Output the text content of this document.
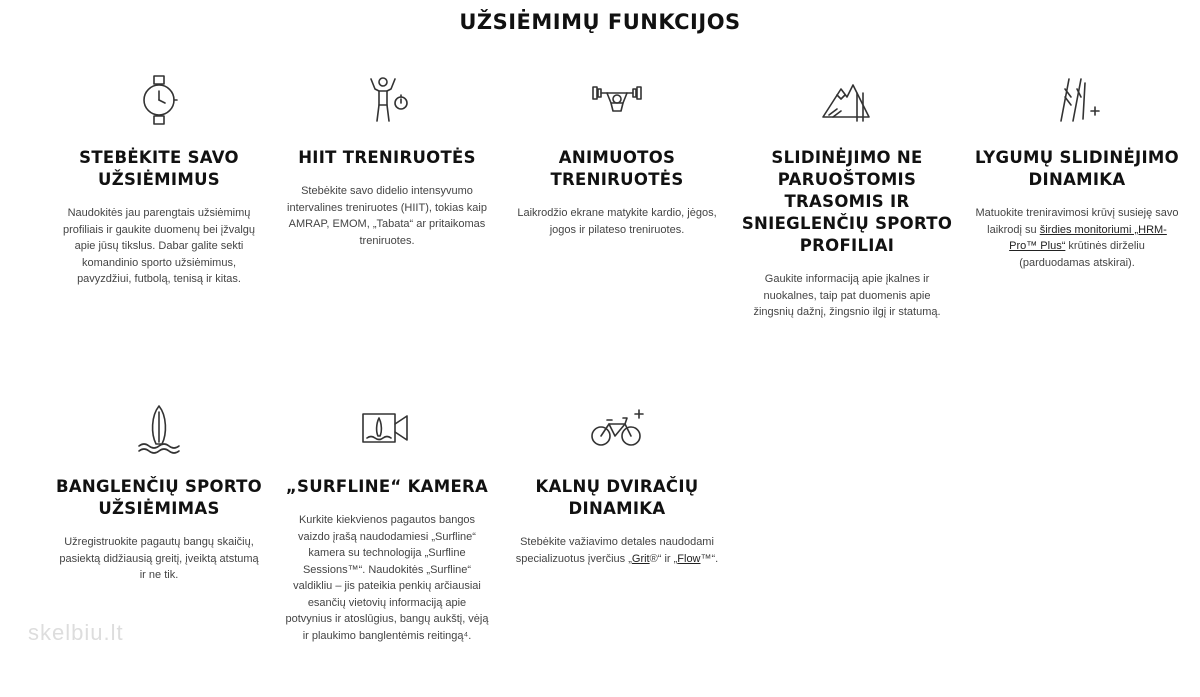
UŽSIĖMIMŲ FUNKCIJOS
STEBĖKITE SAVO
UŽSIĖMIMUS
Naudokitės jau parengtais užsiėmimų profiliais ir gaukite duomenų bei įžvalgų apie jūsų tikslus. Dabar galite sekti komandinio sporto užsiėmimus, pavyzdžiui, futbolą, tenisą ir kitas.
HIIT TRENIRUOTĖS
Stebėkite savo didelio intensyvumo intervalines treniruotes (HIIT), tokias kaip AMRAP, EMOM, „Tabata“ ar pritaikomas treniruotes.
ANIMUOTOS
TRENIRUOTĖS
Laikrodžio ekrane matykite kardio, jėgos, jogos ir pilateso treniruotes.
SLIDINĖJIMO NE
PARUOŠTOMIS
TRASOMIS IR
SNIEGLENČIŲ SPORTO
PROFILIAI
Gaukite informaciją apie įkalnes ir nuokalnes, taip pat duomenis apie žingsnių dažnį, žingsnio ilgį ir statumą.
LYGUMŲ SLIDINĖJIMO
DINAMIKA
Matuokite treniravimosi krūvį susieję savo laikrodį su širdies monitoriumi „HRM-Pro™ Plus“ krūtinės dirželiu (parduodamas atskirai).
BANGLENČIŲ SPORTO
UŽSIĖMIMAS
Užregistruokite pagautų bangų skaičių, pasiektą didžiausią greitį, įveiktą atstumą ir ne tik.
„SURFLINE“ KAMERA
Kurkite kiekvienos pagautos bangos vaizdo įrašą naudodamiesi „Surfline“ kamera su technologija „Surfline Sessions™“. Naudokitės „Surfline“ valdikliu – jis pateikia penkių arčiausiai esančių vietovių informaciją apie potvynius ir atoslūgius, bangų aukštį, vėją ir plaukimo banglentėmis reitingą⁴.
KALNŲ DVIRAČIŲ
DINAMIKA
Stebėkite važiavimo detales naudodami specializuotus įverčius „Grit®“ ir „Flow™“.
skelbiu.lt
